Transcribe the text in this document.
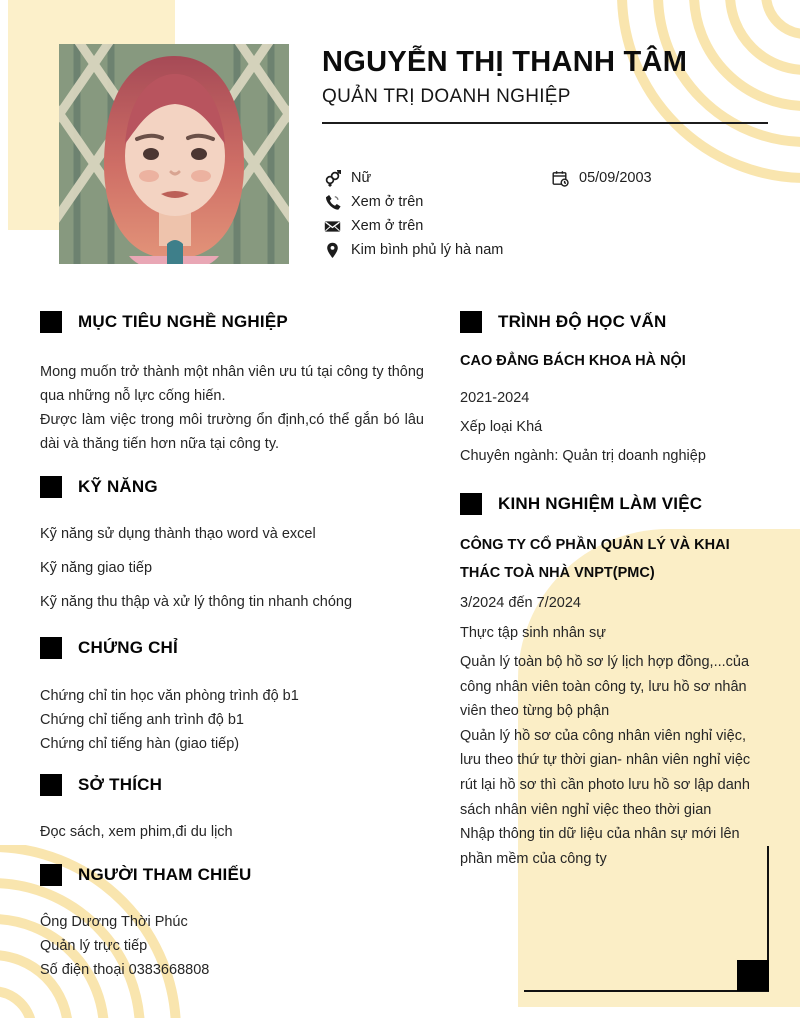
NGUYỄN THỊ THANH TÂM
QUẢN TRỊ DOANH NGHIỆP
Nữ
Xem ở trên
Xem ở trên
Kim bình phủ lý hà nam
05/09/2003
MỤC TIÊU NGHỀ NGHIỆP

Mong muốn trở thành một nhân viên ưu tú tại công ty thông qua những nỗ lực cống hiến.

Được làm việc trong môi trường ổn định,có thể gắn bó lâu dài và thăng tiến hơn nữa tại công ty.

KỸ NĂNG
Kỹ năng sử dụng thành thạo word và excel
Kỹ năng giao tiếp
Kỹ năng thu thập và xử lý thông tin nhanh chóng
CHỨNG CHỈ
Chứng chỉ tin học văn phòng trình độ b1
Chứng chỉ tiếng anh trình độ b1
Chứng chỉ tiếng hàn (giao tiếp)
SỞ THÍCH
Đọc sách, xem phim,đi du lịch
NGƯỜI THAM CHIẾU
Ông Dương Thời Phúc
Quản lý trực tiếp
Số điện thoại 0383668808
TRÌNH ĐỘ HỌC VẤN
CAO ĐẲNG BÁCH KHOA HÀ NỘI
2021-2024
Xếp loại Khá
Chuyên ngành: Quản trị doanh nghiệp
KINH NGHIỆM LÀM VIỆC
CÔNG TY CỔ PHẦN QUẢN LÝ VÀ KHAI THÁC TOÀ NHÀ VNPT(PMC)
3/2024 đến 7/2024
Thực tập sinh nhân sự
Quản lý toàn bộ hồ sơ lý lịch hợp đồng,...của công nhân viên toàn công ty, lưu hồ sơ nhân viên theo từng bộ phận
Quản lý hồ sơ của công nhân viên nghỉ việc, lưu theo thứ tự thời gian- nhân viên nghỉ việc rút lại hồ sơ thì cần photo lưu hồ sơ lập danh sách nhân viên nghỉ việc theo thời gian
Nhập thông tin dữ liệu của nhân sự mới lên phần mềm của công ty
